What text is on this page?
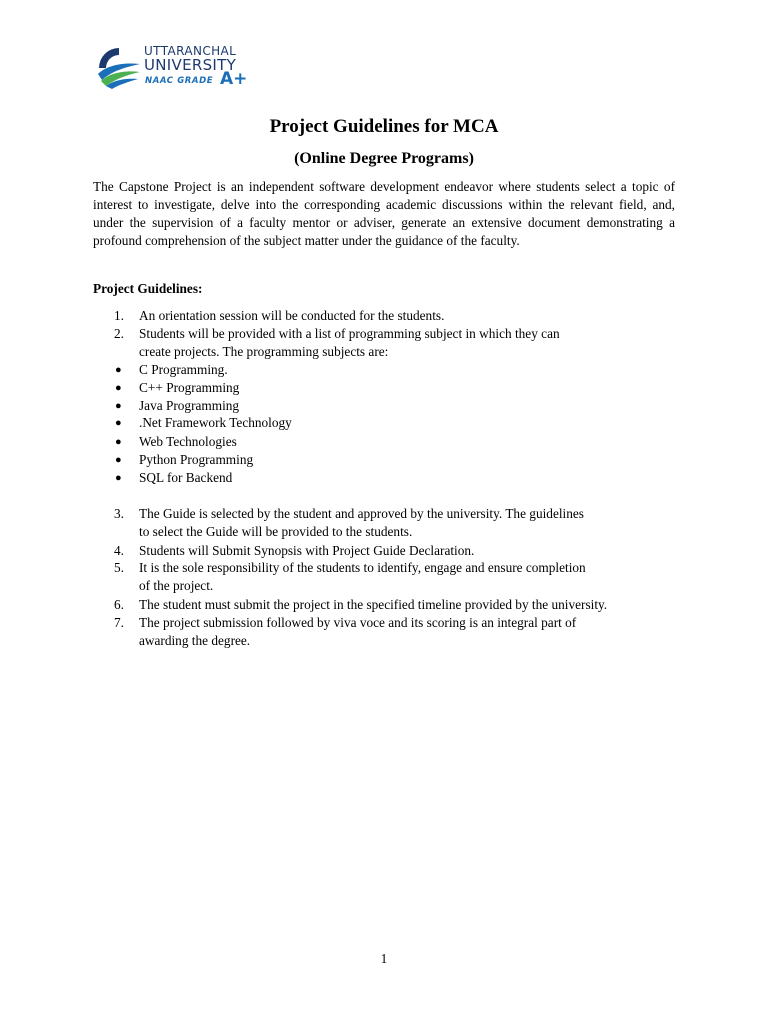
UTTARANCHAL
UNIVERSITY
NAAC GRADE A+
Project Guidelines for MCA
(Online Degree Programs)

The Capstone Project is an independent software development endeavor where students select a topic of interest to investigate, delve into the corresponding academic discussions within the relevant field, and, under the supervision of a faculty mentor or adviser, generate an extensive document demonstrating a profound comprehension of the subject matter under the guidance of the faculty.

Project Guidelines:
1.	An orientation session will be conducted for the students.
2.	Students will be provided with a list of programming subject in which they can
create projects. The programming subjects are:
● C Programming.
● C++ Programming
● Java Programming
● .Net Framework Technology
● Web Technologies
● Python Programming
● SQL for Backend
3.	The Guide is selected by the student and approved by the university. The guidelines
to select the Guide will be provided to the students.
4.	Students will Submit Synopsis with Project Guide Declaration.
5.	It is the sole responsibility of the students to identify, engage and ensure completion
of the project.
6.	The student must submit the project in the specified timeline provided by the university.
7.	The project submission followed by viva voce and its scoring is an integral part of
awarding the degree.
1
